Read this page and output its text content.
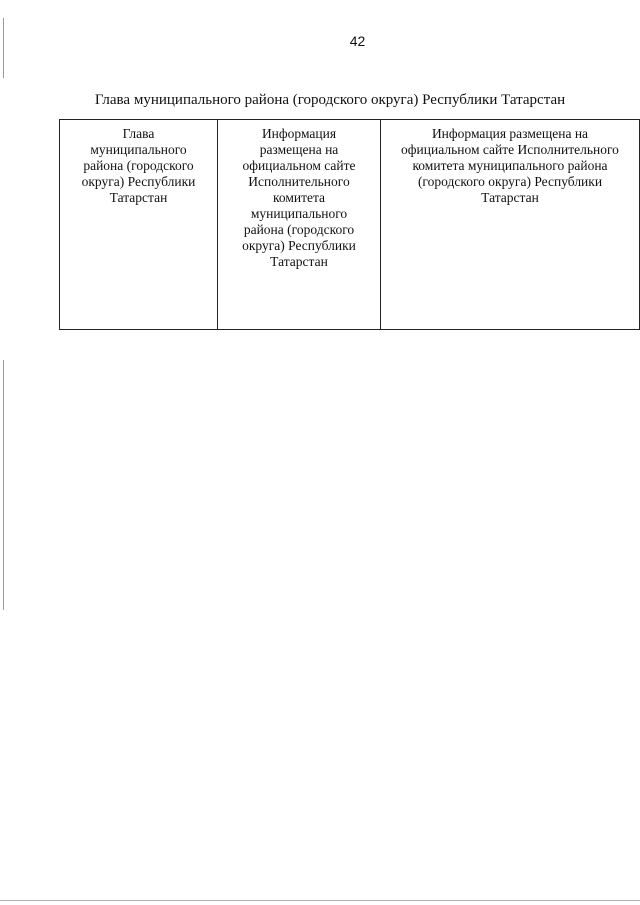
42
Глава муниципального района (городского округа) Республики Татарстан
Глава
муниципального
района (городского
округа) Республики
Татарстан

Информация
размещена на
официальном сайте
Исполнительного
комитета
муниципального
района (городского
округа) Республики
Татарстан

Информация размещена на
официальном сайте Исполнительного
комитета муниципального района
(городского округа) Республики
Татарстан
